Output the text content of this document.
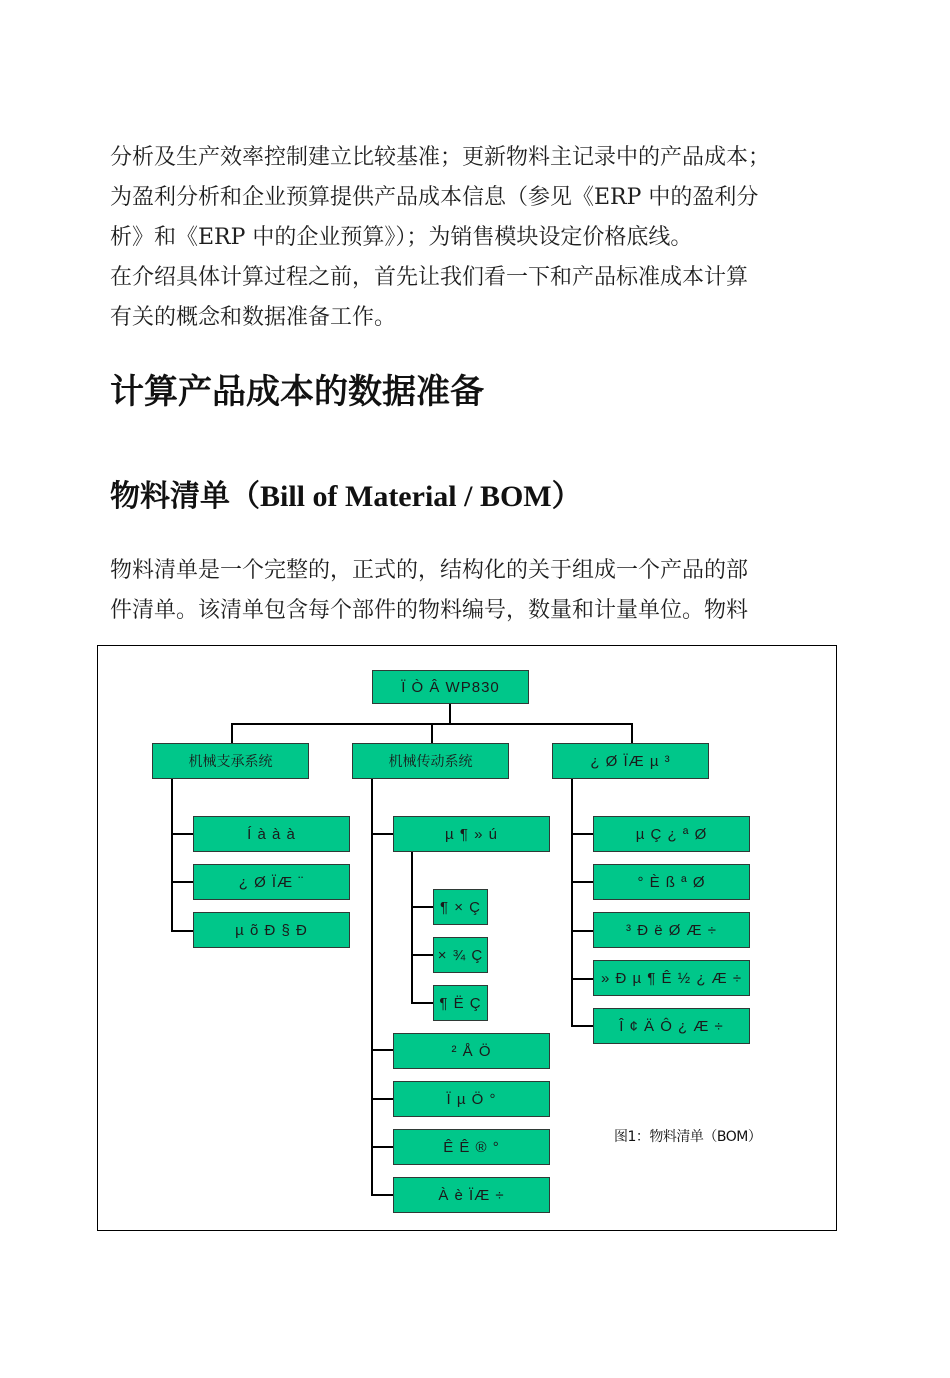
分析及生产效率控制建立比较基准；更新物料主记录中的产品成本；
为盈利分析和企业预算提供产品成本信息（参见《ERP 中的盈利分
析》和《ERP 中的企业预算》）；为销售模块设定价格底线。
在介绍具体计算过程之前，首先让我们看一下和产品标准成本计算
有关的概念和数据准备工作。

计算产品成本的数据准备
物料清单（Bill of Material / BOM）

物料清单是一个完整的，正式的，结构化的关于组成一个产品的部
件清单。该清单包含每个部件的物料编号，数量和计量单位。物料

Ï Ò Â WP830
机械支承系统	机械传动系统	¿ Ø ÏÆ µ ³
Í à à à
¿ Ø ÏÆ ¨
µ õ Ð § Ð
µ ¶ » ú
¶ × Ç
× ¾ Ç
¶ Ë Ç
² Å Ö
Ï µ Ö °
Ê Ê ® °
À è ÏÆ ÷
µ Ç ¿ ª Ø
° È ß ª Ø
³ Ð ë Ø Æ ÷
» Ð µ ¶ Ê ½ ¿ Æ ÷
Î ¢ Ä Ô ¿ Æ ÷
图1：物料清单（BOM）
